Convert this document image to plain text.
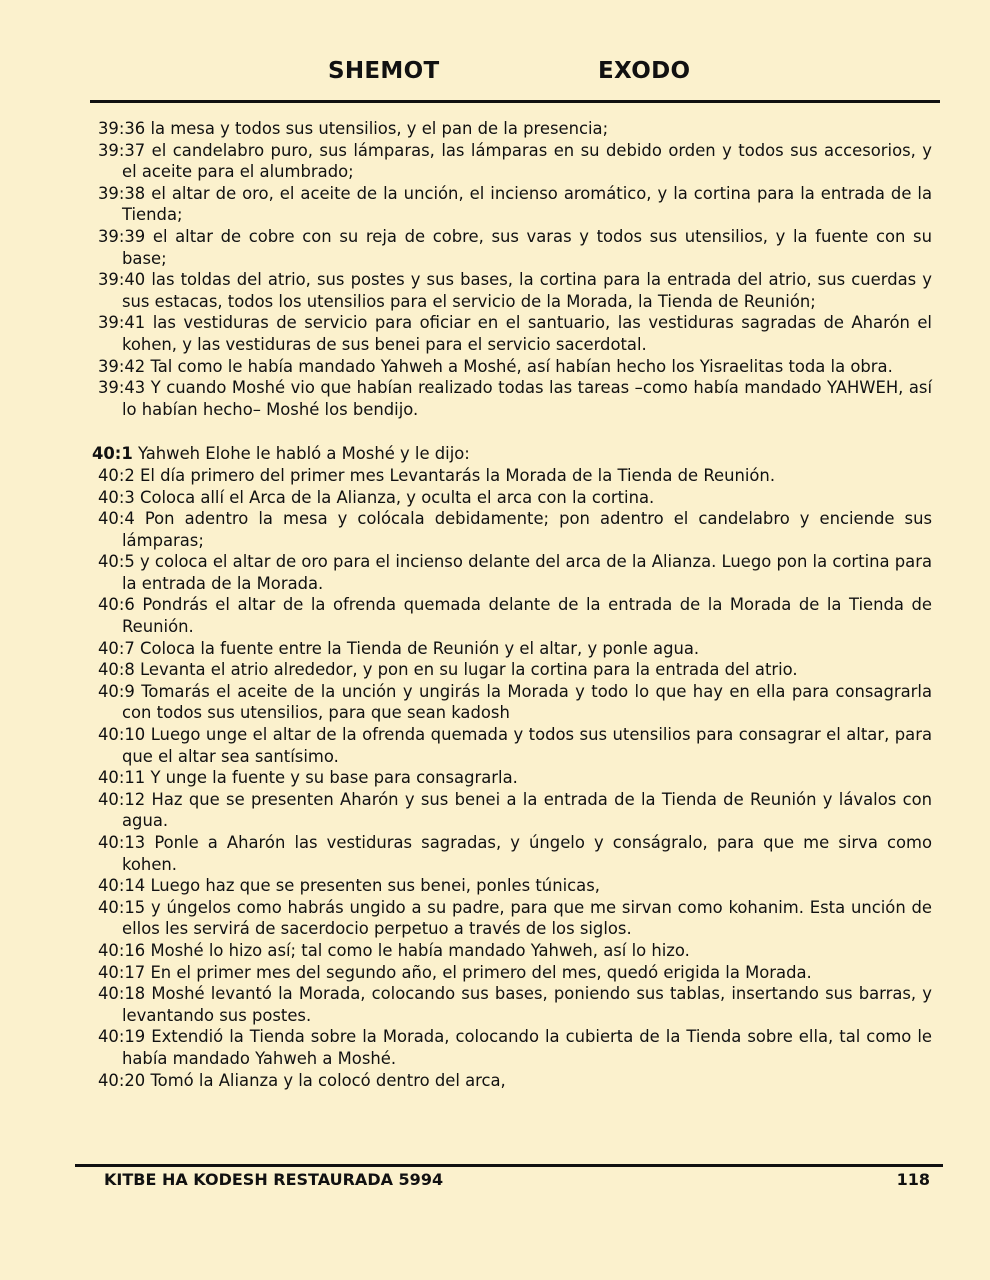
SHEMOT	EXODO

39:36 la mesa y todos sus utensilios, y el pan de la presencia;

39:37 el candelabro puro, sus lámparas, las lámparas en su debido orden y todos sus accesorios, y el aceite para el alumbrado;

39:38 el altar de oro, el aceite de la unción, el incienso aromático, y la cortina para la entrada de la Tienda;

39:39 el altar de cobre con su reja de cobre, sus varas y todos sus utensilios, y la fuente con su base;

39:40 las toldas del atrio, sus postes y sus bases, la cortina para la entrada del atrio, sus cuerdas y sus estacas, todos los utensilios para el servicio de la Morada, la Tienda de Reunión;

39:41 las vestiduras de servicio para oficiar en el santuario, las vestiduras sagradas de Aharón el kohen, y las vestiduras de sus benei para el servicio sacerdotal.

39:42 Tal como le había mandado Yahweh a Moshé, así habían hecho los Yisraelitas toda la obra.

39:43 Y cuando Moshé vio que habían realizado todas las tareas –como había mandado YAHWEH, así lo habían hecho– Moshé los bendijo.

40:1 Yahweh Elohe le habló a Moshé y le dijo:

40:2 El día primero del primer mes Levantarás la Morada de la Tienda de Reunión.

40:3 Coloca allí el Arca de la Alianza, y oculta el arca con la cortina.

40:4 Pon adentro la mesa y colócala debidamente; pon adentro el candelabro y enciende sus lámparas;

40:5 y coloca el altar de oro para el incienso delante del arca de la Alianza. Luego pon la cortina para la entrada de la Morada.

40:6 Pondrás el altar de la ofrenda quemada delante de la entrada de la Morada de la Tienda de Reunión.

40:7 Coloca la fuente entre la Tienda de Reunión y el altar, y ponle agua.

40:8 Levanta el atrio alrededor, y pon en su lugar la cortina para la entrada del atrio.

40:9 Tomarás el aceite de la unción y ungirás la Morada y todo lo que hay en ella para consagrarla con todos sus utensilios, para que sean kadosh

40:10 Luego unge el altar de la ofrenda quemada y todos sus utensilios para consagrar el altar, para que el altar sea santísimo.

40:11 Y unge la fuente y su base para consagrarla.

40:12 Haz que se presenten Aharón y sus benei a la entrada de la Tienda de Reunión y lávalos con agua.

40:13 Ponle a Aharón las vestiduras sagradas, y úngelo y conságralo, para que me sirva como kohen.

40:14 Luego haz que se presenten sus benei, ponles túnicas,

40:15 y úngelos como habrás ungido a su padre, para que me sirvan como kohanim. Esta unción de ellos les servirá de sacerdocio perpetuo a través de los siglos.

40:16 Moshé lo hizo así; tal como le había mandado Yahweh, así lo hizo.

40:17 En el primer mes del segundo año, el primero del mes, quedó erigida la Morada.

40:18 Moshé levantó la Morada, colocando sus bases, poniendo sus tablas, insertando sus barras, y levantando sus postes.

40:19 Extendió la Tienda sobre la Morada, colocando la cubierta de la Tienda sobre ella, tal como le había mandado Yahweh a Moshé.

40:20 Tomó la Alianza y la colocó dentro del arca,

KITBE HA KODESH RESTAURADA 5994	118
